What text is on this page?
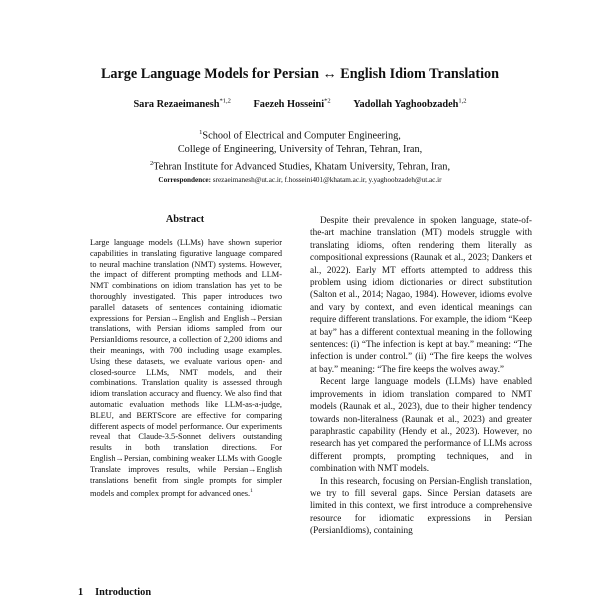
Large Language Models for Persian ↔ English Idiom Translation
Sara Rezaeimanesh$^{*1,2}$ Faezeh Hosseini$^{*2}$ Yadollah Yaghoobzadeh$^{1,2}$
$^1$School of Electrical and Computer Engineering,
College of Engineering, University of Tehran, Tehran, Iran,
$^2$Tehran Institute for Advanced Studies, Khatam University, Tehran, Iran,
Correspondence: srezaeimanesh@ut.ac.ir, f.hosseini401@khatam.ac.ir, y.yaghoobzadeh@ut.ac.ir
Abstract
Large language models (LLMs) have shown superior capabilities in translating figurative language compared to neural machine translation (NMT) systems. However, the impact of different prompting methods and LLM-NMT combinations on idiom translation has yet to be thoroughly investigated. This paper introduces two parallel datasets of sentences containing idiomatic expressions for Persian→English and English→Persian translations, with Persian idioms sampled from our PersianIdioms resource, a collection of 2,200 idioms and their meanings, with 700 including usage examples. Using these datasets, we evaluate various open- and closed-source LLMs, NMT models, and their combinations. Translation quality is assessed through idiom translation accuracy and fluency. We also find that automatic evaluation methods like LLM-as-a-judge, BLEU, and BERTScore are effective for comparing different aspects of model performance. Our experiments reveal that Claude-3.5-Sonnet delivers outstanding results in both translation directions. For English→Persian, combining weaker LLMs with Google Translate improves results, while Persian→English translations benefit from single prompts for simpler models and complex prompt for advanced ones.$^1$

Despite their prevalence in spoken language, state-of-the-art machine translation (MT) models struggle with translating idioms, often rendering them literally as compositional expressions (Raunak et al., 2023; Dankers et al., 2022). Early MT efforts attempted to address this problem using idiom dictionaries or direct substitution (Salton et al., 2014; Nagao, 1984). However, idioms evolve and vary by context, and even identical meanings can require different translations. For example, the idiom “Keep at bay” has a different contextual meaning in the following sentences: (i) “The infection is kept at bay.” meaning: “The infection is under control.” (ii) “The fire keeps the wolves at bay.” meaning: “The fire keeps the wolves away.”

Recent large language models (LLMs) have enabled improvements in idiom translation compared to NMT models (Raunak et al., 2023), due to their higher tendency towards non-literalness (Raunak et al., 2023) and greater paraphrastic capability (Hendy et al., 2023). However, no research has yet compared the performance of LLMs across different prompts, prompting techniques, and in combination with NMT models.

In this research, focusing on Persian-English translation, we try to fill several gaps. Since Persian datasets are limited in this context, we first introduce a comprehensive resource for idiomatic expressions in Persian (PersianIdioms), containing

1 Introduction
